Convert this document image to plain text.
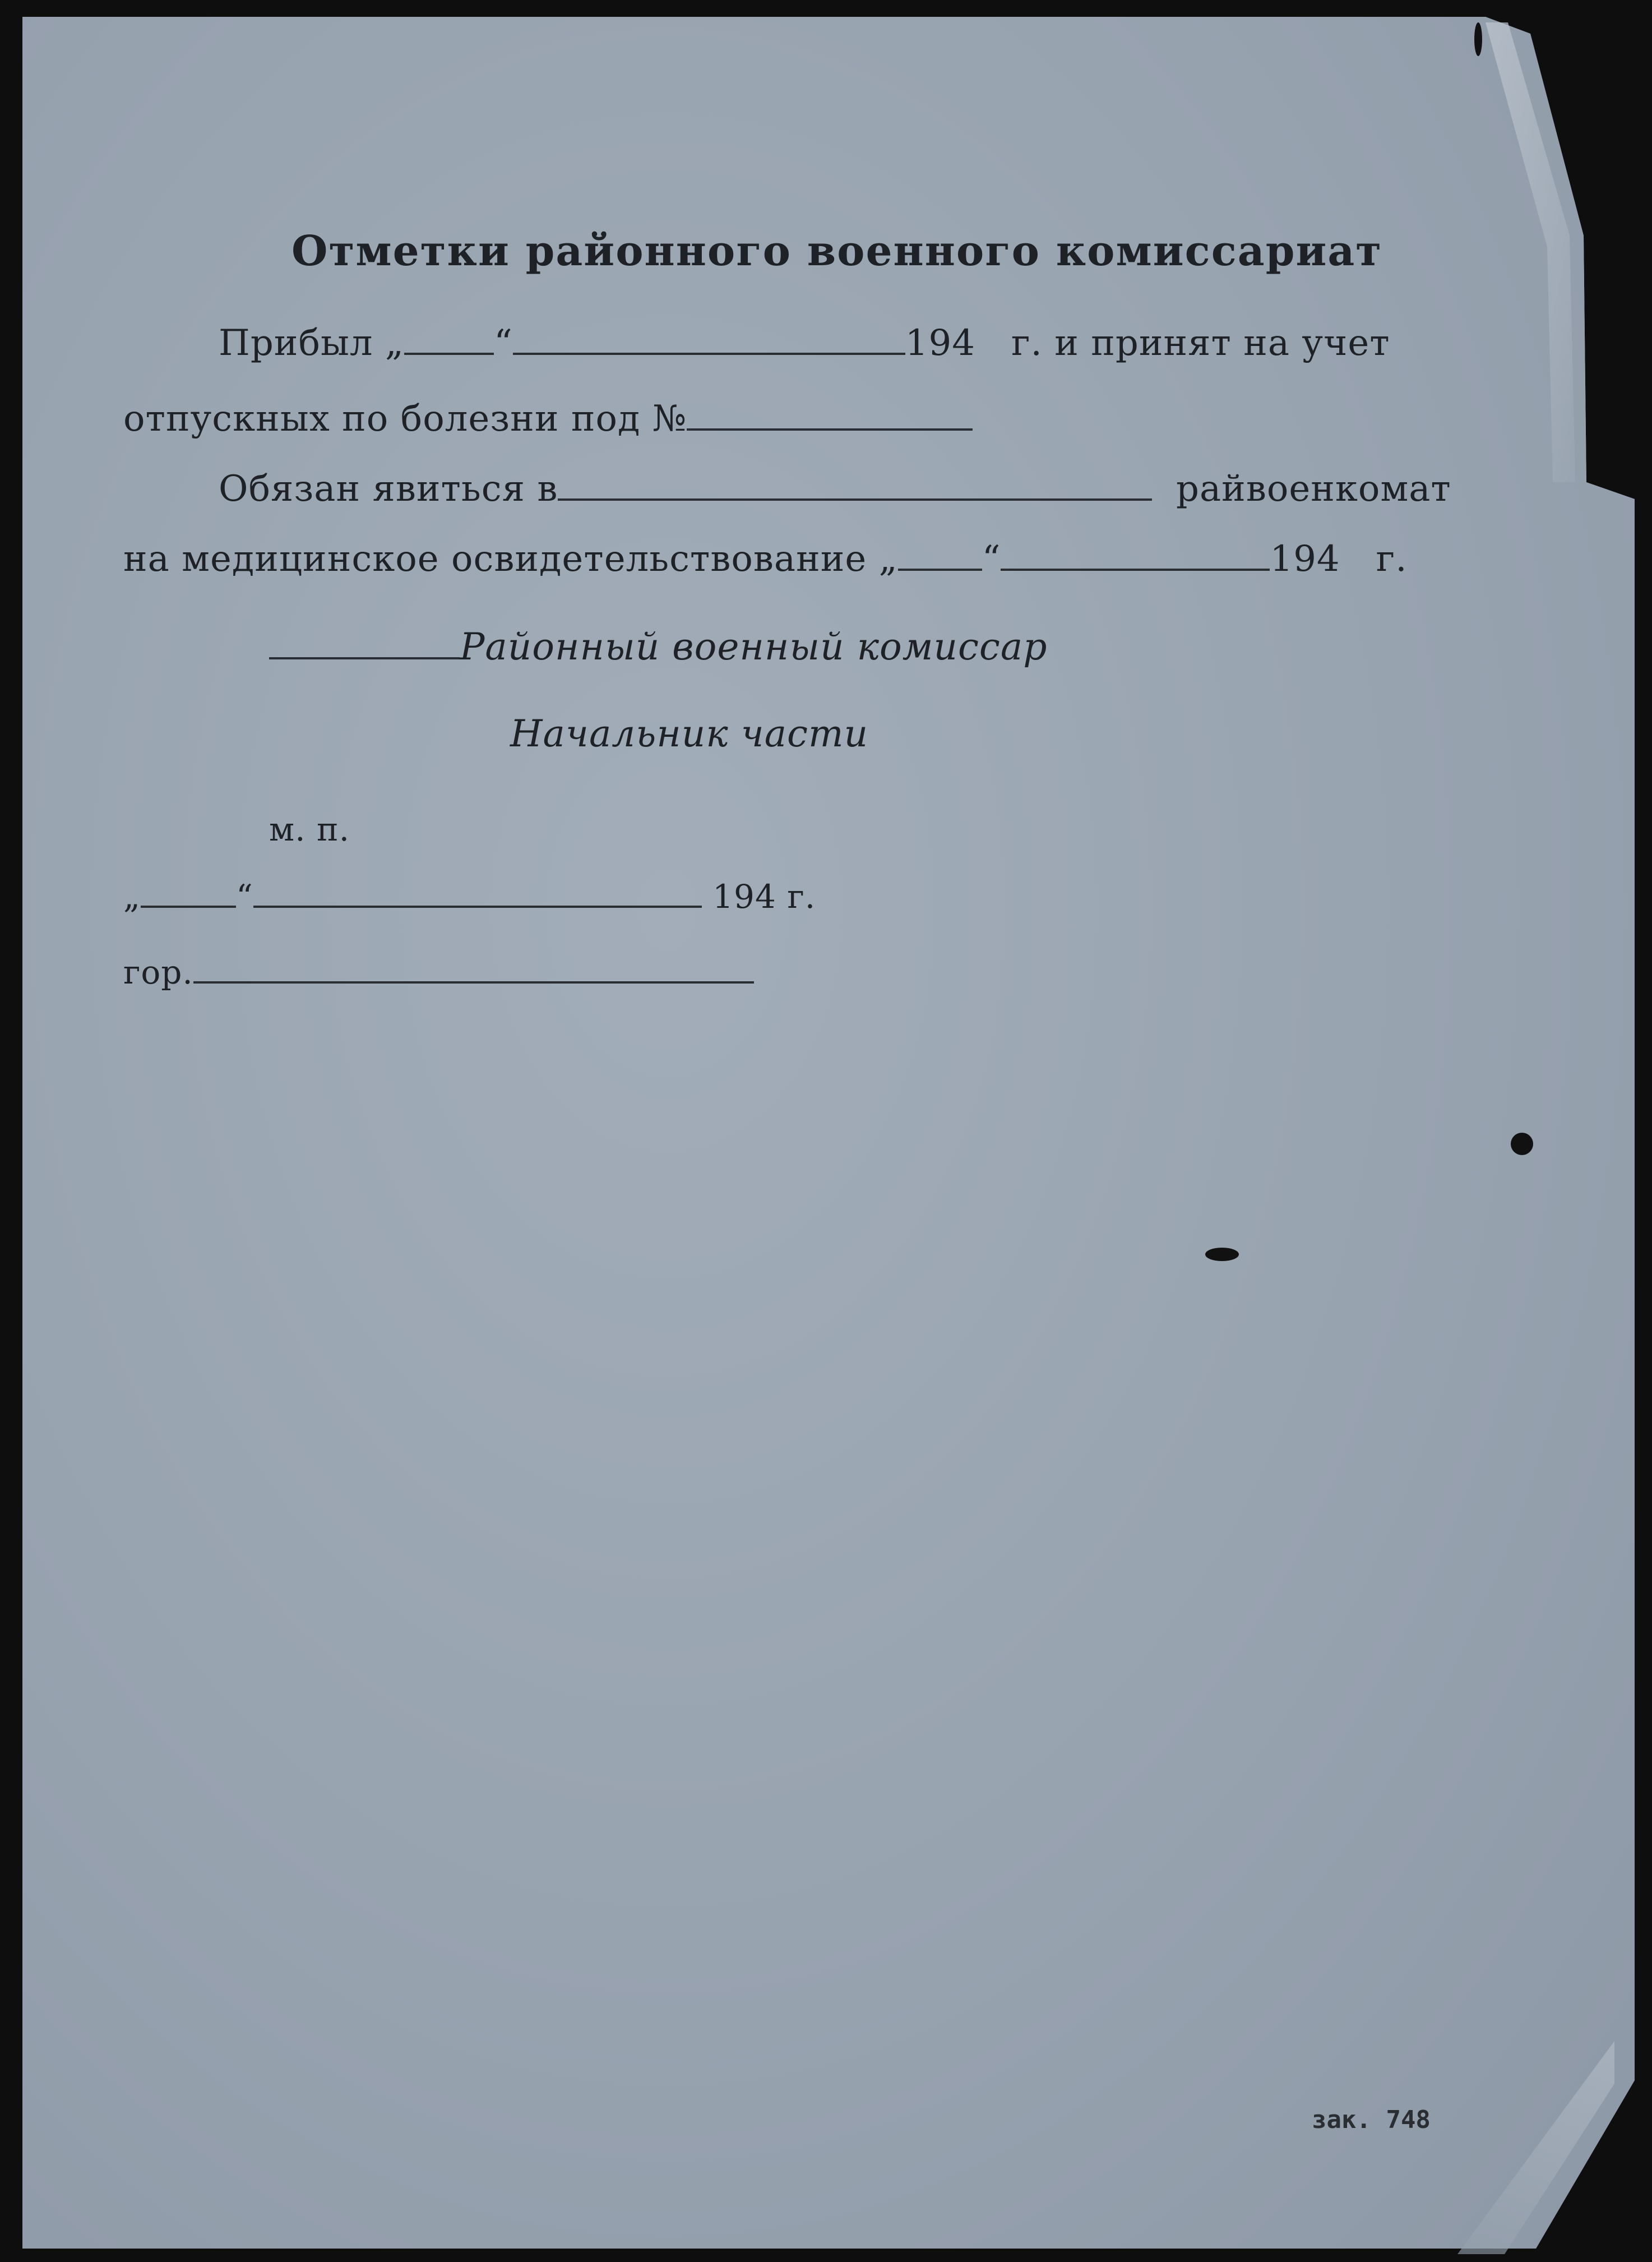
Отметки районного военного комиссариат
Прибыл „	“	194 г. и принят на учет
отпускных по болезни под №
Обязан явиться в	райвоенкомат
на медицинское освидетельствование „ “	194 г.
Районный военный комиссар
Начальник части
м. п.
„	“	194 г.
гор.
зак. 748
